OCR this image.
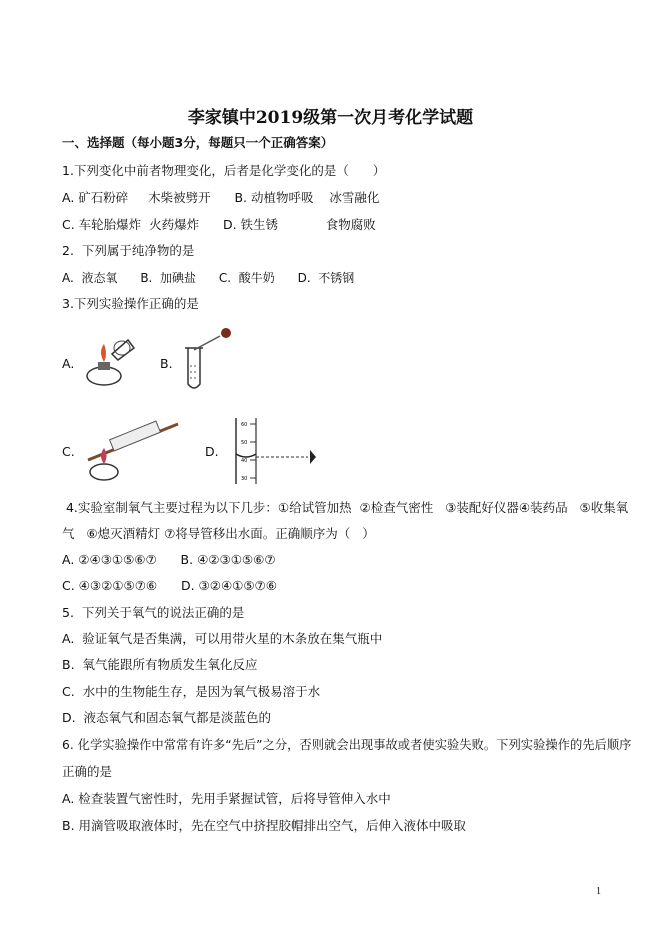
李家镇中2019级第一次月考化学试题
一、选择题（每小题3分，每题只一个正确答案）
1.下列变化中前者物理变化，后者是化学变化的是（      ）
A. 矿石粉碎     木柴被劈开      B. 动植物呼吸    冰雪融化
C. 车轮胎爆炸  火药爆炸      D. 铁生锈            食物腐败
2.  下列属于纯净物的是
A.  液态氧      B.  加碘盐      C.  酸牛奶      D.  不锈钢
3.下列实验操作正确的是
A.	B.
C.	D.
60
50
40
30
4.实验室制氧气主要过程为以下几步：①给试管加热  ②检查气密性   ③装配好仪器④装药品   ⑤收集氧
气   ⑥熄灭酒精灯 ⑦将导管移出水面。正确顺序为（   ）
A. ②④③①⑤⑥⑦      B. ④②③①⑤⑥⑦
C. ④③②①⑤⑦⑥      D. ③②④①⑤⑦⑥
5.  下列关于氧气的说法正确的是
A.  验证氧气是否集满，可以用带火星的木条放在集气瓶中
B.  氧气能跟所有物质发生氧化反应
C.  水中的生物能生存，是因为氧气极易溶于水
D.  液态氧气和固态氧气都是淡蓝色的
6. 化学实验操作中常常有许多“先后”之分，否则就会出现事故或者使实验失败。下列实验操作的先后顺序
正确的是
A. 检查装置气密性时，先用手紧握试管，后将导管伸入水中
B. 用滴管吸取液体时，先在空气中挤捏胶帽排出空气，后伸入液体中吸取
1
